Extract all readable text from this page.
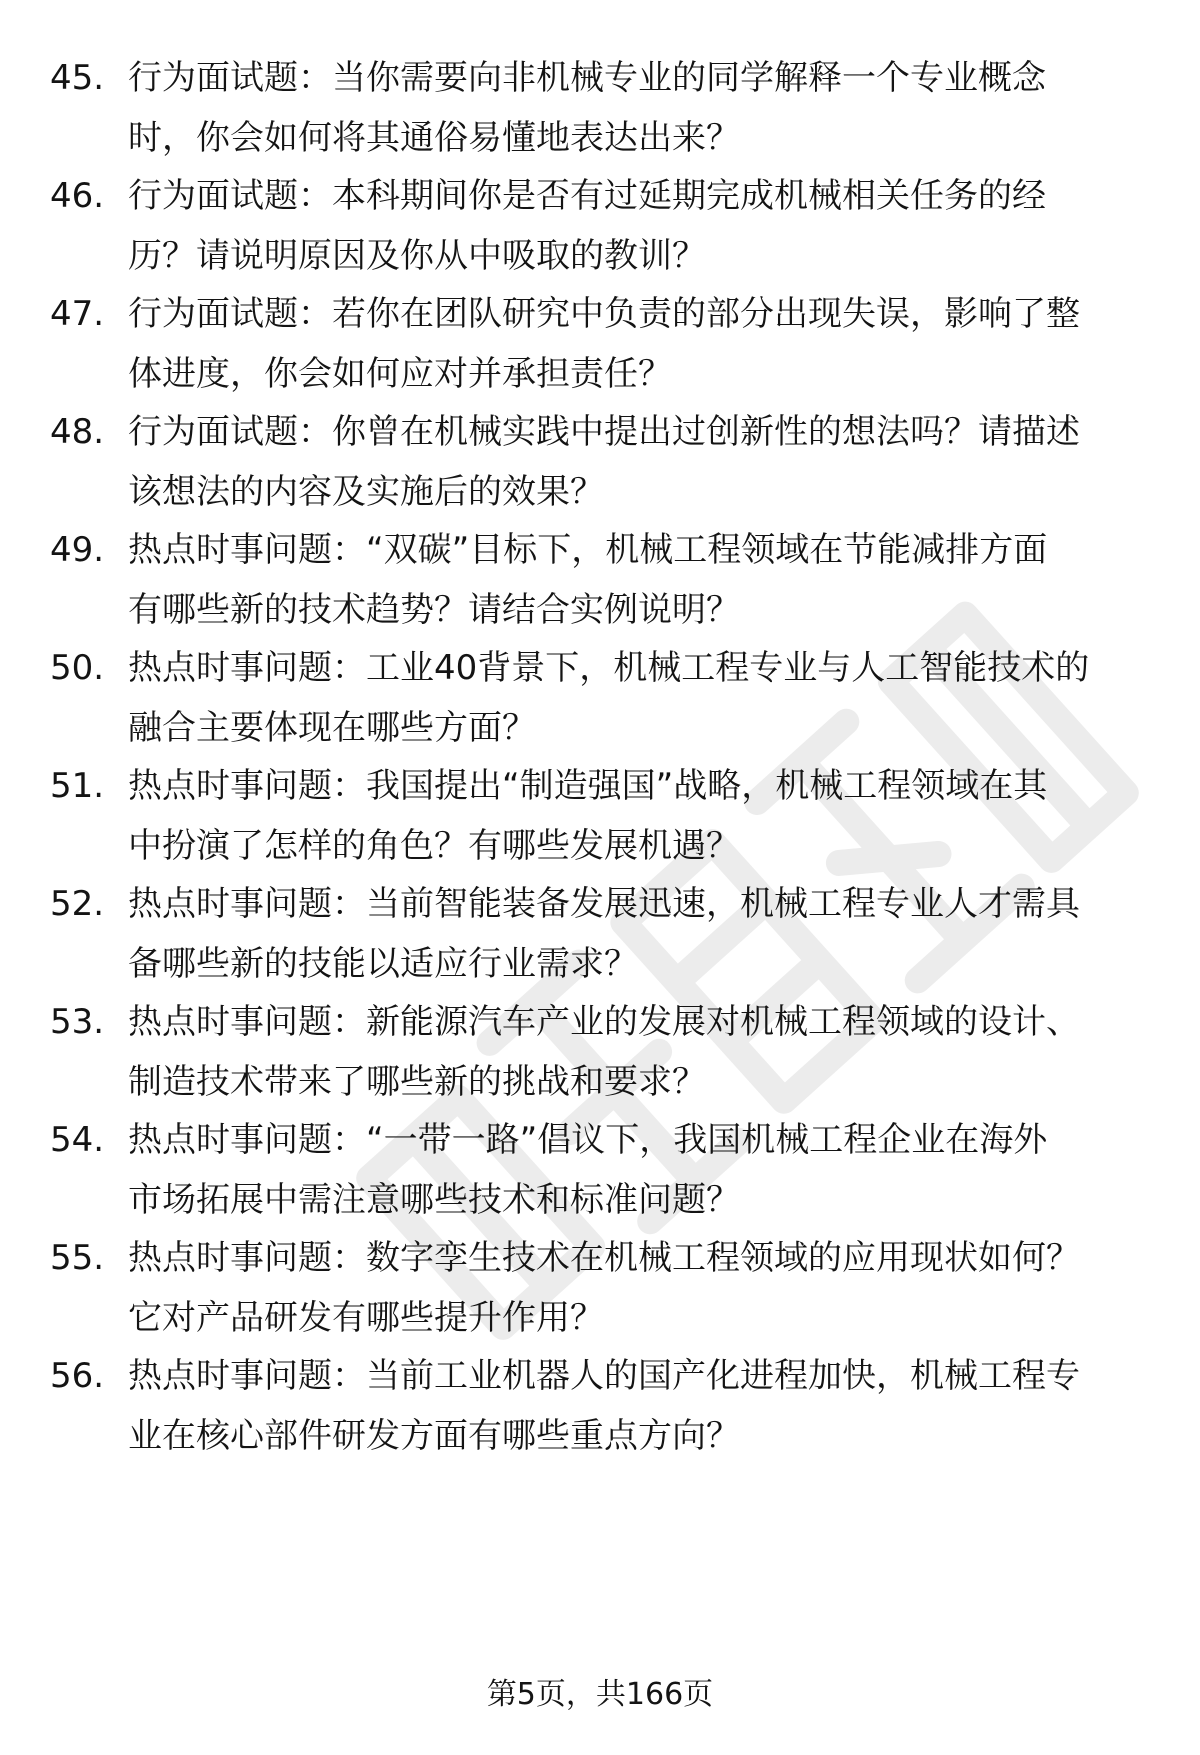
45. 行为面试题：当你需要向非机械专业的同学解释一个专业概念
时，你会如何将其通俗易懂地表达出来？
46. 行为面试题：本科期间你是否有过延期完成机械相关任务的经
历？请说明原因及你从中吸取的教训？
47. 行为面试题：若你在团队研究中负责的部分出现失误，影响了整
体进度，你会如何应对并承担责任？
48. 行为面试题：你曾在机械实践中提出过创新性的想法吗？请描述
该想法的内容及实施后的效果？
49. 热点时事问题：“双碳”目标下，机械工程领域在节能减排方面
有哪些新的技术趋势？请结合实例说明？
50. 热点时事问题：工业40背景下，机械工程专业与人工智能技术的
融合主要体现在哪些方面？
51. 热点时事问题：我国提出“制造强国”战略，机械工程领域在其
中扮演了怎样的角色？有哪些发展机遇？
52. 热点时事问题：当前智能装备发展迅速，机械工程专业人才需具
备哪些新的技能以适应行业需求？
53. 热点时事问题：新能源汽车产业的发展对机械工程领域的设计、
制造技术带来了哪些新的挑战和要求？
54. 热点时事问题：“一带一路”倡议下，我国机械工程企业在海外
市场拓展中需注意哪些技术和标准问题？
55. 热点时事问题：数字孪生技术在机械工程领域的应用现状如何？
它对产品研发有哪些提升作用？
56. 热点时事问题：当前工业机器人的国产化进程加快，机械工程专
业在核心部件研发方面有哪些重点方向？
第5页，共166页
